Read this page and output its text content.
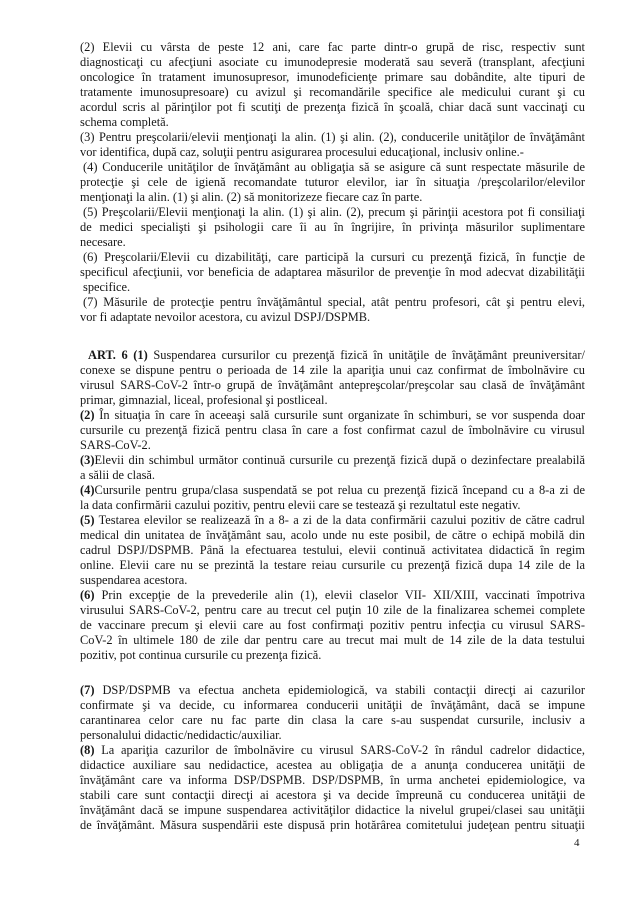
(2) Elevii cu vârsta de peste 12 ani, care fac parte dintr-o grupă de risc, respectiv sunt
diagnosticaţi cu afecţiuni asociate cu imunodepresie moderată sau severă (transplant, afecţiuni
oncologice în tratament imunosupresor, imunodeficienţe primare sau dobândite, alte tipuri de
tratamente imunosupresoare) cu avizul şi recomandările specifice ale medicului curant şi cu
acordul scris al părinţilor pot fi scutiţi de prezenţa fizică în şcoală, chiar dacă sunt vaccinaţi cu
schema completă.
(3) Pentru preşcolarii/elevii menţionaţi la alin. (1) şi alin. (2), conducerile unităţilor de învăţământ
vor identifica, după caz, soluţii pentru asigurarea procesului educaţional, inclusiv online.-
(4) Conducerile unităţilor de învăţământ au obligaţia să se asigure că sunt respectate măsurile de
protecţie şi cele de igienă recomandate tuturor elevilor, iar în situaţia /preşcolarilor/elevilor
menţionaţi la alin. (1) şi alin. (2) să monitorizeze fiecare caz în parte.
(5) Preşcolarii/Elevii menţionaţi la alin. (1) şi alin. (2), precum şi părinţii acestora pot fi consiliaţi
de medici specialişti şi psihologii care îi au în îngrijire, în privinţa măsurilor suplimentare
necesare.
(6) Preşcolarii/Elevii cu dizabilităţi, care participă la cursuri cu prezenţă fizică, în funcţie de
specificul afecţiunii, vor beneficia de adaptarea măsurilor de prevenţie în mod adecvat dizabilităţii
specifice.
(7) Măsurile de protecţie pentru învăţământul special, atât pentru profesori, cât şi pentru elevi,
vor fi adaptate nevoilor acestora, cu avizul DSPJ/DSPMB.
ART. 6 (1) Suspendarea cursurilor cu prezenţă fizică în unităţile de învăţământ preuniversitar/
conexe se dispune pentru o perioada de 14 zile la apariţia unui caz confirmat de îmbolnăvire cu
virusul SARS-CoV-2 într-o grupă de învăţământ antepreşcolar/preşcolar sau clasă de învăţământ
primar, gimnazial, liceal, profesional şi postliceal.
(2) În situaţia în care în aceeaşi sală cursurile sunt organizate în schimburi, se vor suspenda doar
cursurile cu prezenţă fizică pentru clasa în care a fost confirmat cazul de îmbolnăvire cu virusul
SARS-CoV-2.
(3)Elevii din schimbul următor continuă cursurile cu prezenţă fizică după o dezinfectare prealabilă
a sălii de clasă.
(4)Cursurile pentru grupa/clasa suspendată se pot relua cu prezenţă fizică începand cu a 8-a zi de
la data confirmării cazului pozitiv, pentru elevii care se testează şi rezultatul este negativ.
(5) Testarea elevilor se realizează în a 8- a zi de la data confirmării cazului pozitiv de către cadrul
medical din unitatea de învăţământ sau, acolo unde nu este posibil, de către o echipă mobilă din
cadrul DSPJ/DSPMB. Până la efectuarea testului, elevii continuă activitatea didactică în regim
online. Elevii care nu se prezintă la testare reiau cursurile cu prezenţă fizică dupa 14 zile de la
suspendarea acestora.
(6) Prin excepţie de la prevederile alin (1), elevii claselor VII- XII/XIII, vaccinati împotriva
virusului SARS-CoV-2, pentru care au trecut cel puţin 10 zile de la finalizarea schemei complete
de vaccinare precum şi elevii care au fost confirmaţi pozitiv pentru infecţia cu virusul SARS-
CoV-2 în ultimele 180 de zile dar pentru care au trecut mai mult de 14 zile de la data testului
pozitiv, pot continua cursurile cu prezenţa fizică.
(7) DSP/DSPMB va efectua ancheta epidemiologică, va stabili contacţii direcţi ai cazurilor
confirmate şi va decide, cu informarea conducerii unităţii de învăţământ, dacă se impune
carantinarea celor care nu fac parte din clasa la care s-au suspendat cursurile, inclusiv a
personalului didactic/nedidactic/auxiliar.
(8) La apariţia cazurilor de îmbolnăvire cu virusul SARS-CoV-2 în rândul cadrelor didactice,
didactice auxiliare sau nedidactice, acestea au obligaţia de a anunţa conducerea unităţii de
învăţământ care va informa DSP/DSPMB. DSP/DSPMB, în urma anchetei epidemiologice, va
stabili care sunt contacţii direcţi ai acestora şi va decide împreună cu conducerea unităţii de
învăţământ dacă se impune suspendarea activităţilor didactice la nivelul grupei/clasei sau unităţii
de învăţământ. Măsura suspendării este dispusă prin hotărârea comitetului judeţean pentru situaţii
4
